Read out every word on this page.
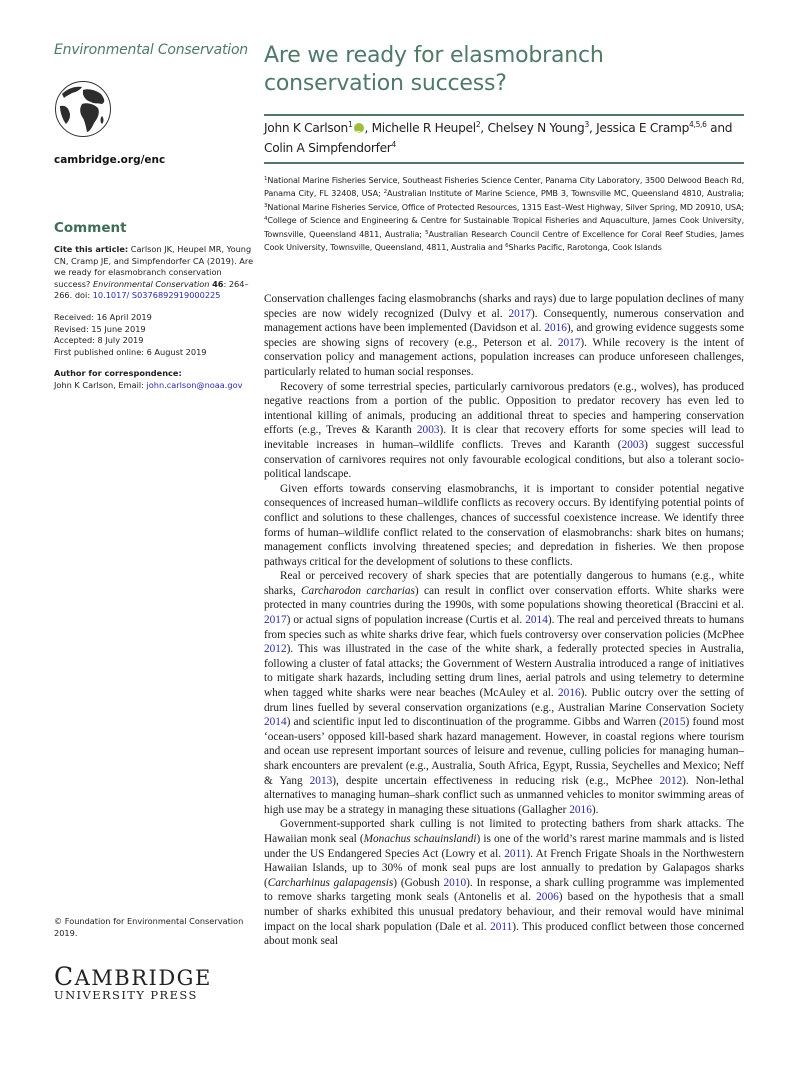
Environmental Conservation
cambridge.org/enc
Comment
Cite this article: Carlson JK, Heupel MR, Young CN, Cramp JE, and Simpfendorfer CA (2019). Are we ready for elasmobranch conservation success? Environmental Conservation 46: 264–266. doi: 10.1017/ S0376892919000225
Received: 16 April 2019
Revised: 15 June 2019
Accepted: 8 July 2019
First published online: 6 August 2019
Author for correspondence:
John K Carlson, Email: john.carlson@noaa.gov
© Foundation for Environmental Conservation 2019.
CAMBRIDGE
UNIVERSITY PRESS
Are we ready for elasmobranch conservation success?
John K Carlson$^1$ iD , Michelle R Heupel$^2$, Chelsey N Young$^3$, Jessica E Cramp$^{4,5,6}$ and Colin A Simpfendorfer$^4$
$^1$National Marine Fisheries Service, Southeast Fisheries Science Center, Panama City Laboratory, 3500 Delwood Beach Rd, Panama City, FL 32408, USA; $^2$Australian Institute of Marine Science, PMB 3, Townsville MC, Queensland 4810, Australia; $^3$National Marine Fisheries Service, Office of Protected Resources, 1315 East–West Highway, Silver Spring, MD 20910, USA; $^4$College of Science and Engineering & Centre for Sustainable Tropical Fisheries and Aquaculture, James Cook University, Townsville, Queensland 4811, Australia; $^5$Australian Research Council Centre of Excellence for Coral Reef Studies, James Cook University, Townsville, Queensland, 4811, Australia and $^6$Sharks Pacific, Rarotonga, Cook Islands

Conservation challenges facing elasmobranchs (sharks and rays) due to large population declines of many species are now widely recognized (Dulvy et al. 2017). Consequently, numerous conservation and management actions have been implemented (Davidson et al. 2016), and growing evidence suggests some species are showing signs of recovery (e.g., Peterson et al. 2017). While recovery is the intent of conservation policy and management actions, population increases can produce unforeseen challenges, particularly related to human social responses.

Recovery of some terrestrial species, particularly carnivorous predators (e.g., wolves), has produced negative reactions from a portion of the public. Opposition to predator recovery has even led to intentional killing of animals, producing an additional threat to species and hampering conservation efforts (e.g., Treves & Karanth 2003). It is clear that recovery efforts for some species will lead to inevitable increases in human–wildlife conflicts. Treves and Karanth (2003) suggest successful conservation of carnivores requires not only favourable ecological conditions, but also a tolerant socio-political landscape.

Given efforts towards conserving elasmobranchs, it is important to consider potential negative consequences of increased human–wildlife conflicts as recovery occurs. By identifying potential points of conflict and solutions to these challenges, chances of successful coexistence increase. We identify three forms of human–wildlife conflict related to the conservation of elasmobranchs: shark bites on humans; management conflicts involving threatened species; and depredation in fisheries. We then propose pathways critical for the development of solutions to these conflicts.

Real or perceived recovery of shark species that are potentially dangerous to humans (e.g., white sharks, Carcharodon carcharias) can result in conflict over conservation efforts. White sharks were protected in many countries during the 1990s, with some populations showing theoretical (Braccini et al. 2017) or actual signs of population increase (Curtis et al. 2014). The real and perceived threats to humans from species such as white sharks drive fear, which fuels controversy over conservation policies (McPhee 2012). This was illustrated in the case of the white shark, a federally protected species in Australia, following a cluster of fatal attacks; the Government of Western Australia introduced a range of initiatives to mitigate shark hazards, including setting drum lines, aerial patrols and using telemetry to determine when tagged white sharks were near beaches (McAuley et al. 2016). Public outcry over the setting of drum lines fuelled by several conservation organizations (e.g., Australian Marine Conservation Society 2014) and scientific input led to discontinuation of the programme. Gibbs and Warren (2015) found most ‘ocean-users’ opposed kill-based shark hazard management. However, in coastal regions where tourism and ocean use represent important sources of leisure and revenue, culling policies for managing human–shark encounters are prevalent (e.g., Australia, South Africa, Egypt, Russia, Seychelles and Mexico; Neff & Yang 2013), despite uncertain effectiveness in reducing risk (e.g., McPhee 2012). Non-lethal alternatives to managing human–shark conflict such as unmanned vehicles to monitor swimming areas of high use may be a strategy in managing these situations (Gallagher 2016).

Government-supported shark culling is not limited to protecting bathers from shark attacks. The Hawaiian monk seal (Monachus schauinslandi) is one of the world’s rarest marine mammals and is listed under the US Endangered Species Act (Lowry et al. 2011). At French Frigate Shoals in the Northwestern Hawaiian Islands, up to 30% of monk seal pups are lost annually to predation by Galapagos sharks (Carcharhinus galapagensis) (Gobush 2010). In response, a shark culling programme was implemented to remove sharks targeting monk seals (Antonelis et al. 2006) based on the hypothesis that a small number of sharks exhibited this unusual predatory behaviour, and their removal would have minimal impact on the local shark population (Dale et al. 2011). This produced conflict between those concerned about monk seal
